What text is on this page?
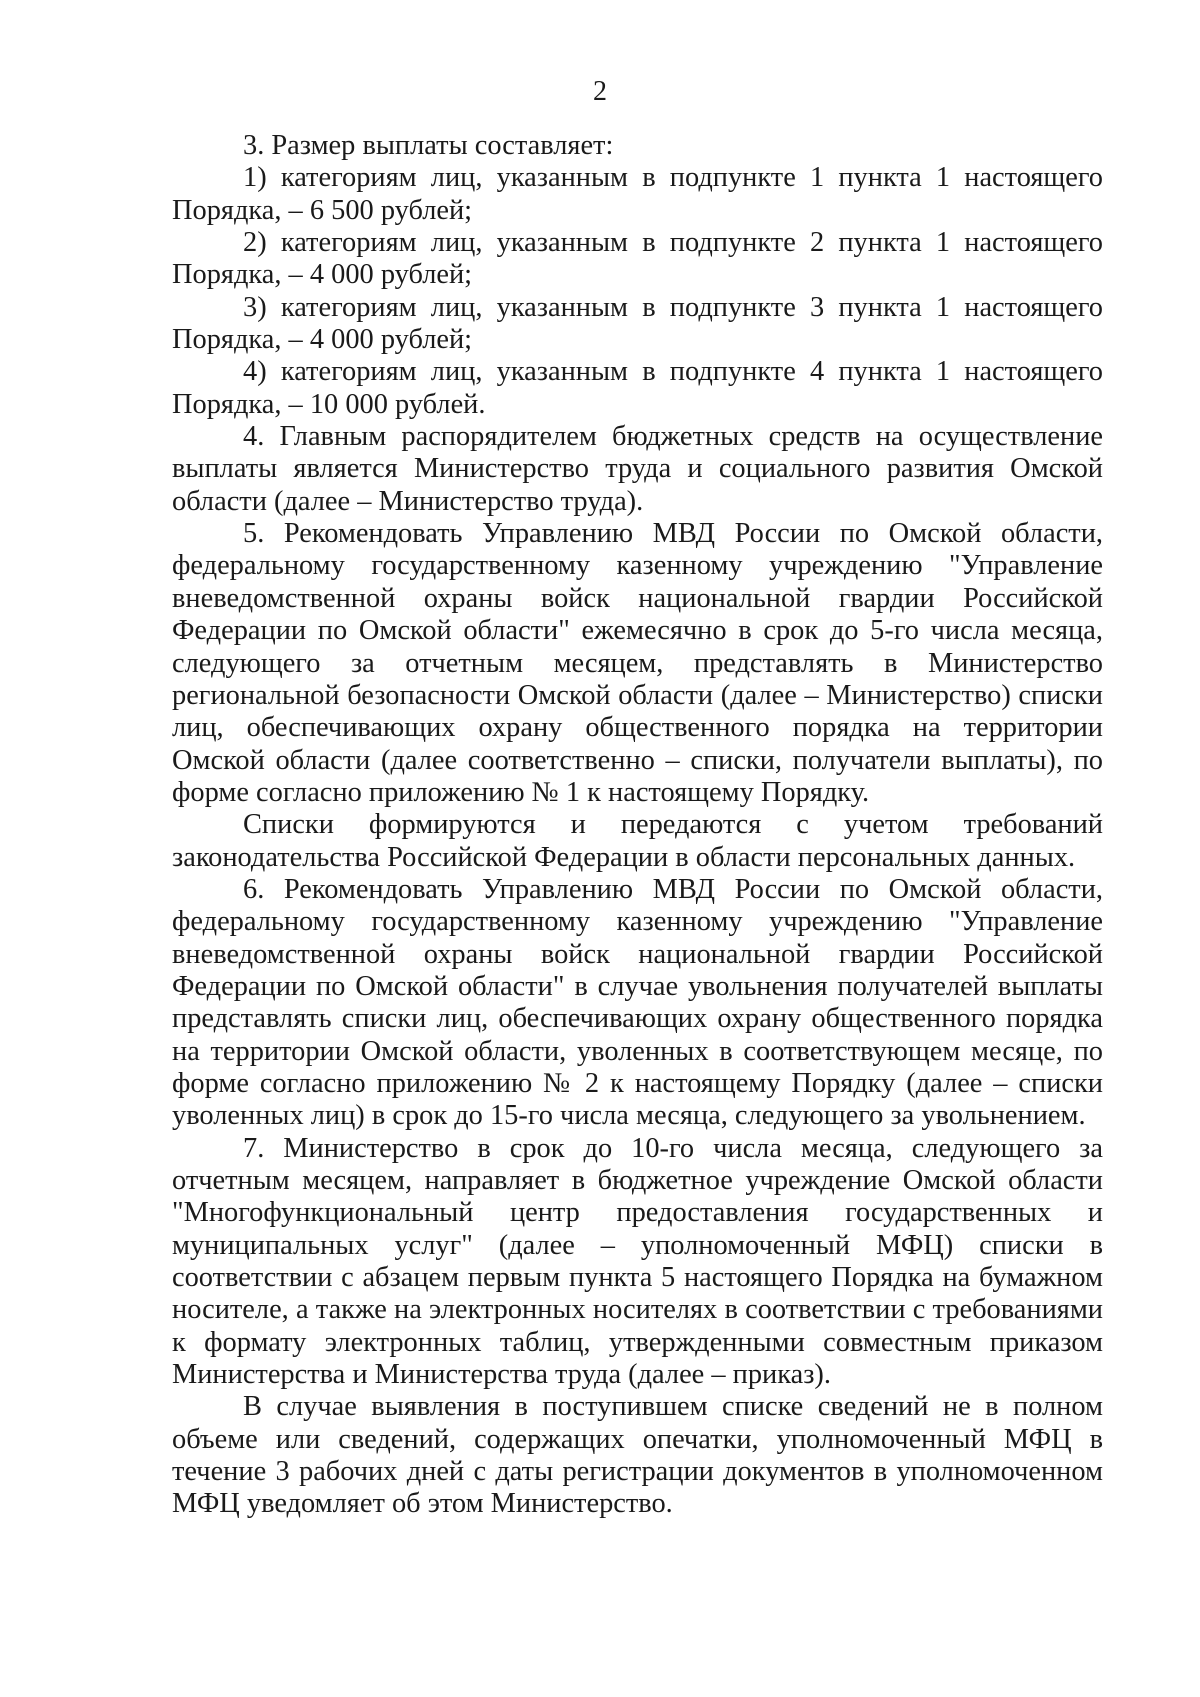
2

3. Размер выплаты составляет:

1) категориям лиц, указанным в подпункте 1 пункта 1 настоящего Порядка, – 6 500 рублей;

2) категориям лиц, указанным в подпункте 2 пункта 1 настоящего Порядка, – 4 000 рублей;

3) категориям лиц, указанным в подпункте 3 пункта 1 настоящего Порядка, – 4 000 рублей;

4) категориям лиц, указанным в подпункте 4 пункта 1 настоящего Порядка, – 10 000 рублей.

4. Главным распорядителем бюджетных средств на осуществление выплаты является Министерство труда и социального развития Омской области (далее – Министерство труда).

5. Рекомендовать Управлению МВД России по Омской области, федеральному государственному казенному учреждению "Управление вневедомственной охраны войск национальной гвардии Российской Федерации по Омской области" ежемесячно в срок до 5-го числа месяца, следующего за отчетным месяцем, представлять в Министерство региональной безопасности Омской области (далее – Министерство) списки лиц, обеспечивающих охрану общественного порядка на территории Омской области (далее соответственно – списки, получатели выплаты), по форме согласно приложению № 1 к настоящему Порядку.

Списки формируются и передаются с учетом требований законодательства Российской Федерации в области персональных данных.

6. Рекомендовать Управлению МВД России по Омской области, федеральному государственному казенному учреждению "Управление вневедомственной охраны войск национальной гвардии Российской Федерации по Омской области" в случае увольнения получателей выплаты представлять списки лиц, обеспечивающих охрану общественного порядка на территории Омской области, уволенных в соответствующем месяце, по форме согласно приложению № 2 к настоящему Порядку (далее – списки уволенных лиц) в срок до 15-го числа месяца, следующего за увольнением.

7. Министерство в срок до 10-го числа месяца, следующего за отчетным месяцем, направляет в бюджетное учреждение Омской области "Многофункциональный центр предоставления государственных и муниципальных услуг" (далее – уполномоченный МФЦ) списки в соответствии с абзацем первым пункта 5 настоящего Порядка на бумажном носителе, а также на электронных носителях в соответствии с требованиями к формату электронных таблиц, утвержденными совместным приказом Министерства и Министерства труда (далее – приказ).

В случае выявления в поступившем списке сведений не в полном объеме или сведений, содержащих опечатки, уполномоченный МФЦ в течение 3 рабочих дней с даты регистрации документов в уполномоченном МФЦ уведомляет об этом Министерство.
